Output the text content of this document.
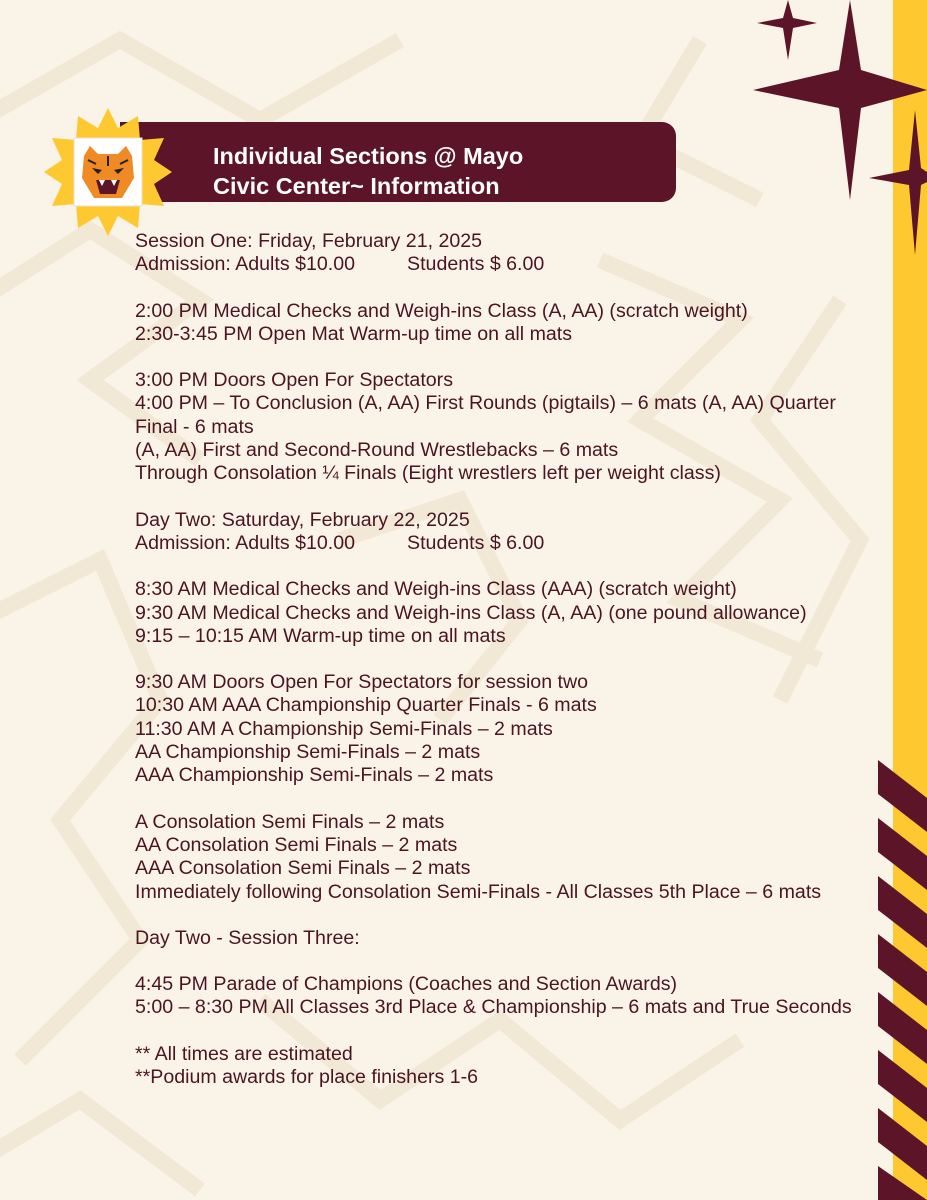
Individual Sections @ Mayo
Civic Center~ Information

Session One: Friday, February 21, 2025

Admission: Adults $10.00	Students $ 6.00

2:00 PM Medical Checks and Weigh-ins Class (A, AA) (scratch weight)

2:30-3:45 PM Open Mat Warm-up time on all mats

3:00 PM Doors Open For Spectators

4:00 PM – To Conclusion (A, AA) First Rounds (pigtails) – 6 mats (A, AA) Quarter Final - 6 mats

(A, AA) First and Second-Round Wrestlebacks – 6 mats

Through Consolation ¼ Finals (Eight wrestlers left per weight class)

Day Two: Saturday, February 22, 2025

Admission: Adults $10.00	Students $ 6.00

8:30 AM Medical Checks and Weigh-ins Class (AAA) (scratch weight)

9:30 AM Medical Checks and Weigh-ins Class (A, AA) (one pound allowance)

9:15 – 10:15 AM Warm-up time on all mats

9:30 AM Doors Open For Spectators for session two

10:30 AM AAA Championship Quarter Finals - 6 mats

11:30 AM A Championship Semi-Finals – 2 mats

AA Championship Semi-Finals – 2 mats

AAA Championship Semi-Finals – 2 mats

A Consolation Semi Finals – 2 mats

AA Consolation Semi Finals – 2 mats

AAA Consolation Semi Finals – 2 mats

Immediately following Consolation Semi-Finals - All Classes 5th Place – 6 mats

Day Two - Session Three:

4:45 PM Parade of Champions (Coaches and Section Awards)

5:00 – 8:30 PM All Classes 3rd Place & Championship – 6 mats and True Seconds

** All times are estimated

**Podium awards for place finishers 1-6
